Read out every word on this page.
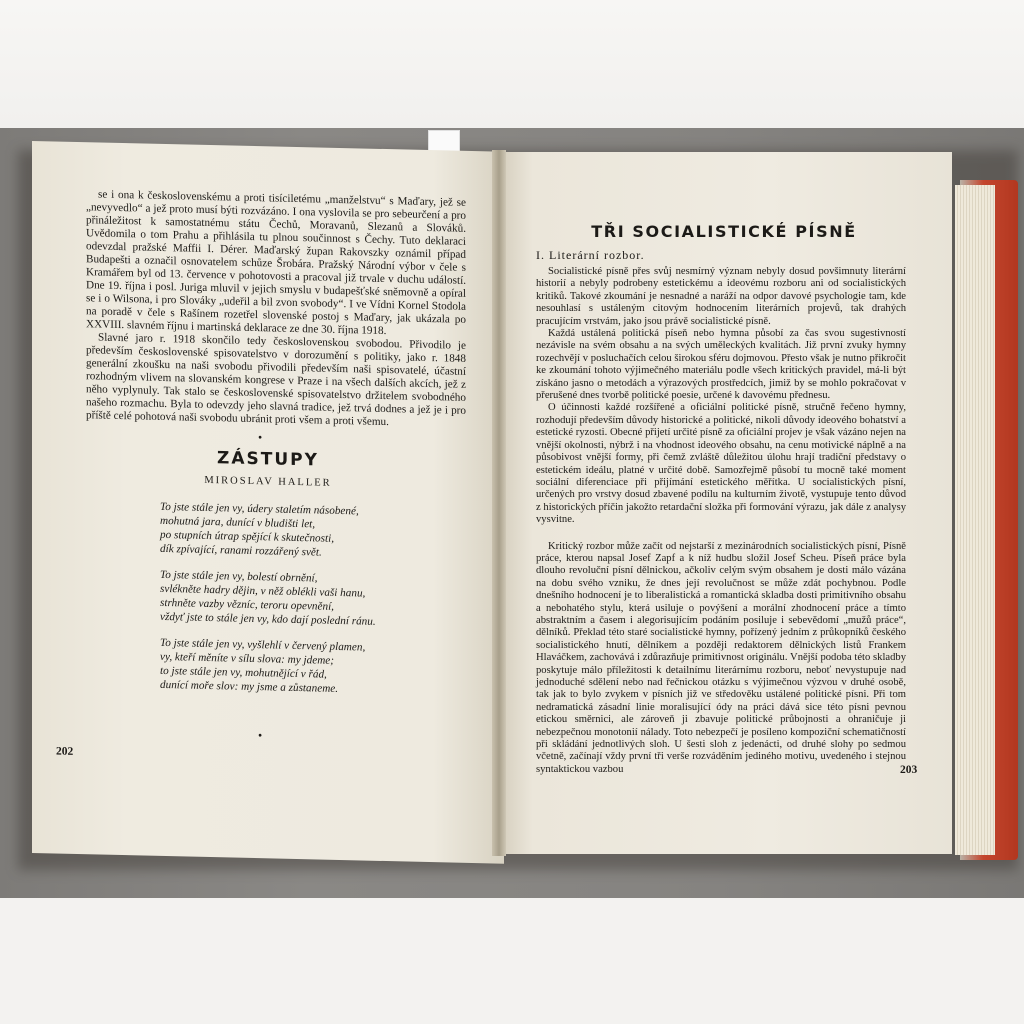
se i ona k československému a proti tisíciletému „manželstvu“ s Maďary, jež se „nevyvedlo“ a jež proto musí býti rozvázáno. I ona vyslovila se pro sebeurčení a pro přináležitost k samostatnému státu Čechů, Moravanů, Slezanů a Slováků. Uvědomila o tom Prahu a přihlásila tu plnou součinnost s Čechy. Tuto deklaraci odevzdal pražské Maffii I. Dérer. Maďarský župan Rakovszky oznámil případ Budapešti a označil osnovatelem schůze Šrobára. Pražský Národní výbor v čele s Kramářem byl od 13. července v pohotovosti a pracoval již trvale v duchu událostí. Dne 19. října i posl. Juriga mluvil v jejich smyslu v budapešťské sněmovně a opíral se i o Wilsona, i pro Slováky „udeřil a bil zvon svobody“. I ve Vídni Kornel Stodola na poradě v čele s Rašínem rozetřel slovenské postoj s Maďary, jak ukázala po XXVIII. slavném říjnu i martinská deklarace ze dne 30. října 1918.

Slavné jaro r. 1918 skončilo tedy československou svobodou. Přivodilo je především československé spisovatelstvo v dorozumění s politiky, jako r. 1848 generální zkoušku na naši svobodu přivodili především naši spisovatelé, účastní rozhodným vlivem na slovanském kongrese v Praze i na všech dalších akcích, jež z něho vyplynuly. Tak stalo se československé spisovatelstvo držitelem svobodného našeho rozmachu. Byla to odevzdy jeho slavná tradice, jež trvá dodnes a jež je i pro příště celé pohotová naši svobodu ubránit proti všem a proti všemu.

•
ZÁSTUPY
MIROSLAV HALLER
To jste stále jen vy, údery staletím násobené,
mohutná jara, dunící v bludišti let,
po stupních útrap spějící k skutečnosti,
dík zpívající, ranami rozzářený svět.
To jste stále jen vy, bolestí obrnění,
svlékněte hadry dějin, v něž oblékli vaši hanu,
strhněte vazby vězníc, teroru opevnění,
vždyť jste to stále jen vy, kdo dají poslední ránu.
To jste stále jen vy, vyšlehlí v červený plamen,
vy, kteří měníte v sílu slova: my jdeme;
to jste stále jen vy, mohutnějící v řád,
dunící moře slov: my jsme a zůstaneme.
•
202
TŘI SOCIALISTICKÉ PÍSNĚ
I. Literární rozbor.

Socialistické písně přes svůj nesmírný význam nebyly dosud povšimnuty literární historií a nebyly podrobeny estetickému a ideovému rozboru ani od socialistických kritiků. Takové zkoumání je nesnadné a naráží na odpor davové psychologie tam, kde nesouhlasí s ustáleným citovým hodnocením literárních projevů, tak drahých pracujícím vrstvám, jako jsou právě socialistické písně.

Každá ustálená politická píseň nebo hymna působí za čas svou sugestivností nezávisle na svém obsahu a na svých uměleckých kvalitách. Již první zvuky hymny rozechvějí v posluchačích celou širokou sféru dojmovou. Přesto však je nutno přikročit ke zkoumání tohoto výjimečného materiálu podle všech kritických pravidel, má-li být získáno jasno o metodách a výrazových prostředcích, jimiž by se mohlo pokračovat v přerušené dnes tvorbě politické poesie, určené k davovému přednesu.

O účinnosti každé rozšířené a oficiální politické písně, stručně řečeno hymny, rozhodují především důvody historické a politické, nikoli důvody ideového bohatství a estetické ryzosti. Obecné přijetí určité písně za oficiální projev je však vázáno nejen na vnější okolnosti, nýbrž i na vhodnost ideového obsahu, na cenu motivické náplně a na působivost vnější formy, při čemž zvláště důležitou úlohu hrají tradiční představy o estetickém ideálu, platné v určité době. Samozřejmě působí tu mocně také moment sociální diferenciace při přijímání estetického měřítka. U socialistických písní, určených pro vrstvy dosud zbavené podílu na kulturním životě, vystupuje tento důvod z historických příčin jakožto retardační složka při formování výrazu, jak dále z analysy vysvitne.

Kritický rozbor může začít od nejstarší z mezinárodních socialistických písní, Písně práce, kterou napsal Josef Zapf a k níž hudbu složil Josef Scheu. Píseň práce byla dlouho revoluční písní dělnickou, ačkoliv celým svým obsahem je dosti málo vázána na dobu svého vzniku, že dnes její revolučnost se může zdát pochybnou. Podle dnešního hodnocení je to liberalistická a romantická skladba dosti primitivního obsahu a nebohatého stylu, která usiluje o povýšení a morální zhodnocení práce a tímto abstraktním a časem i alegorisujícím podáním posiluje i sebevědomí „mužů práce“, dělníků. Překlad této staré socialistické hymny, pořízený jedním z průkopníků českého socialistického hnutí, dělníkem a později redaktorem dělnických listů Frankem Hlaváčkem, zachovává i zdůrazňuje primitivnost originálu. Vnější podoba této skladby poskytuje málo příležitosti k detailnímu literárnímu rozboru, neboť nevystupuje nad jednoduché sdělení nebo nad řečnickou otázku s výjimečnou výzvou v druhé osobě, tak jak to bylo zvykem v písních již ve středověku ustálené politické písni. Při tom nedramatická zásadní linie moralisující ódy na práci dává sice této písni pevnou etickou směrnici, ale zároveň ji zbavuje politické průbojnosti a ohraničuje ji nebezpečnou monotonií nálady. Toto nebezpečí je posíleno kompoziční schematičností při skládání jednotlivých sloh. U šesti sloh z jedenácti, od druhé slohy po sedmou včetně, začínají vždy první tři verše rozváděním jediného motivu, uvedeného i stejnou syntaktickou vazbou	203
